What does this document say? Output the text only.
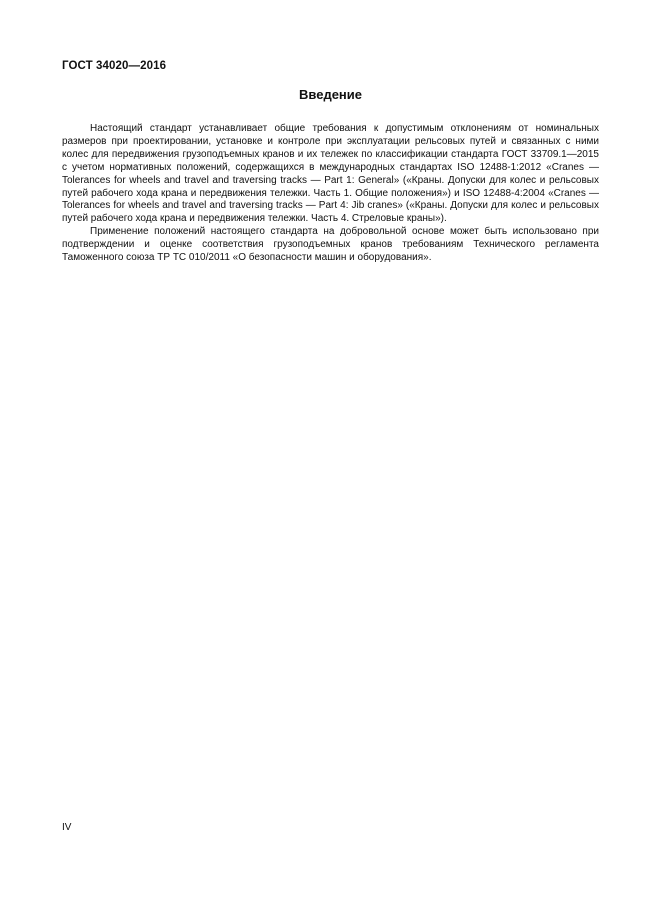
ГОСТ 34020—2016
Введение

Настоящий стандарт устанавливает общие требования к допустимым отклонениям от номинальных размеров при проектировании, установке и контроле при эксплуатации рельсовых путей и связанных с ними колес для передвижения грузоподъемных кранов и их тележек по классификации стандарта ГОСТ 33709.1—2015 с учетом нормативных положений, содержащихся в международных стандартах ISO 12488-1:2012 «Cranes — Tolerances for wheels and travel and traversing tracks — Part 1: General» («Краны. Допуски для колес и рельсовых путей рабочего хода крана и передвижения тележки. Часть 1. Общие положения») и ISO 12488-4:2004 «Cranes — Tolerances for wheels and travel and traversing tracks — Part 4: Jib cranes» («Краны. Допуски для колес и рельсовых путей рабочего хода крана и передвижения тележки. Часть 4. Стреловые краны»).

Применение положений настоящего стандарта на добровольной основе может быть использовано при подтверждении и оценке соответствия грузоподъемных кранов требованиям Технического регламента Таможенного союза ТР ТС 010/2011 «О безопасности машин и оборудования».

IV
